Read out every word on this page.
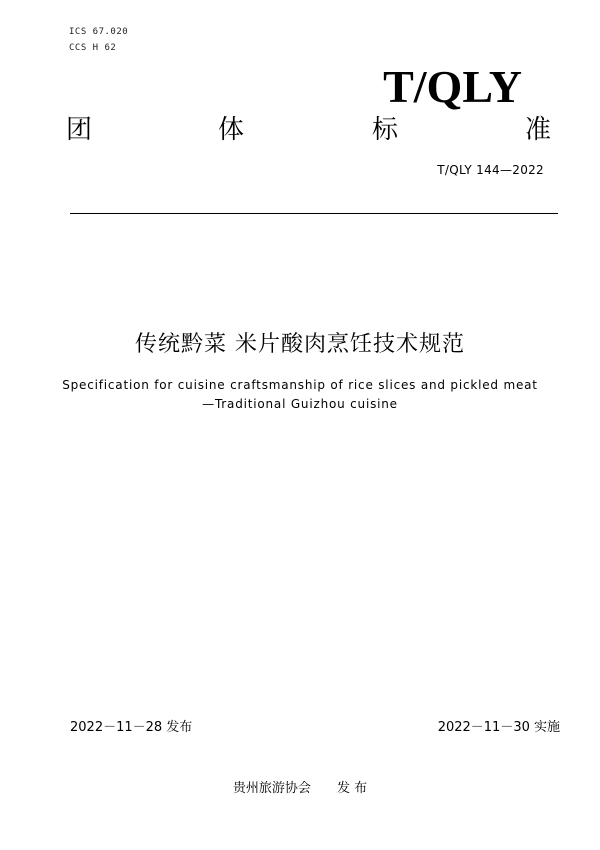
ICS 67.020
CCS H 62
T/QLY
团	体	标	准
T/QLY 144—2022
传统黔菜 米片酸肉烹饪技术规范
Specification for cuisine craftsmanship of rice slices and pickled meat
—Traditional Guizhou cuisine
2022－11－28 发布	2022－11－30 实施
贵州旅游协会 发 布
